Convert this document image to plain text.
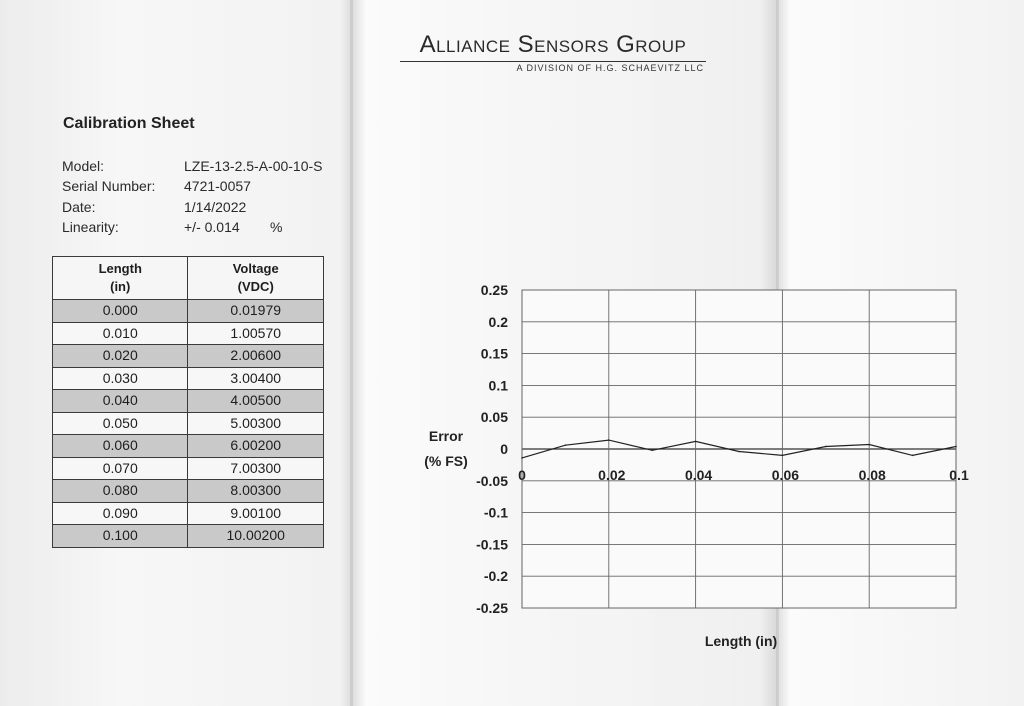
Alliance Sensors Group
A DIVISION OF H.G. SCHAEVITZ LLC
Calibration Sheet
Model:	LZE-13-2.5-A-00-10-S
Serial Number: 4721-0057
Date:	1/14/2022
Linearity:	+/- 0.014 %
Length
(in)	Voltage
(VDC)
0.000	0.01979
0.010	1.00570
0.020	2.00600
0.030	3.00400
0.040	4.00500
0.050	5.00300
0.060	6.00200
0.070	7.00300
0.080	8.00300
0.090	9.00100
0.100	10.00200
0.25
0.2
0.15
0.1
0.05
0
-0.05
-0.1
-0.15
-0.2
-0.25
0	0.02	0.04	0.06	0.08	0.1
Error
(% FS)
Length (in)
